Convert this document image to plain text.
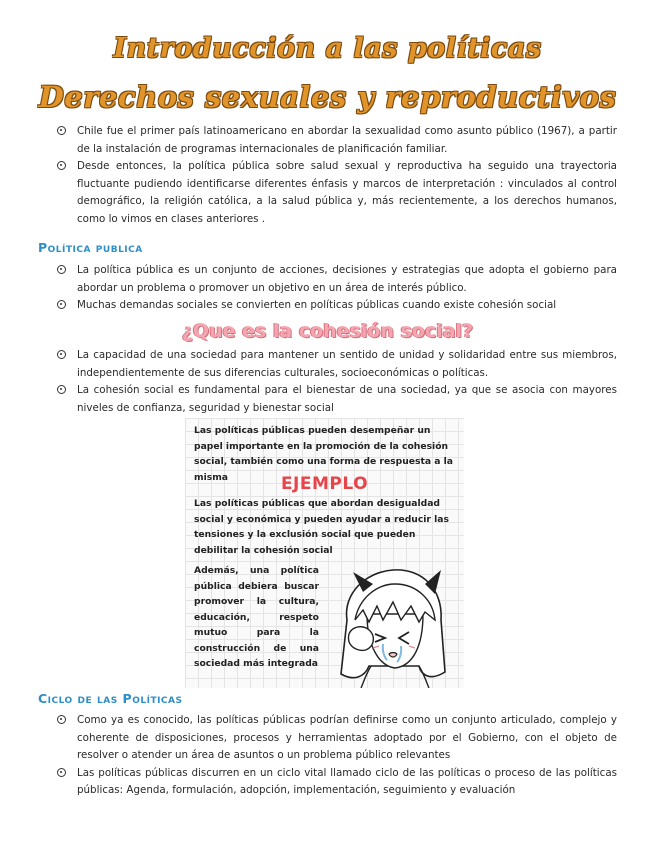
Introducción a las políticas
Derechos sexuales y reproductivos
Chile fue el primer país latinoamericano en abordar la sexualidad como asunto público (1967), a partir de la instalación de programas internacionales de planificación familiar.
Desde entonces, la política pública sobre salud sexual y reproductiva ha seguido una trayectoria fluctuante pudiendo identificarse diferentes énfasis y marcos de interpretación : vinculados al control demográfico, la religión católica, a la salud pública y, más recientemente, a los derechos humanos, como lo vimos en clases anteriores .
Política publica
La política pública es un conjunto de acciones, decisiones y estrategias que adopta el gobierno para abordar un problema o promover un objetivo en un área de interés público.
Muchas demandas sociales se convierten en políticas públicas cuando existe cohesión social
¿Que es la cohesión social?
La capacidad de una sociedad para mantener un sentido de unidad y solidaridad entre sus miembros, independientemente de sus diferencias culturales, socioeconómicas o políticas.
La cohesión social es fundamental para el bienestar de una sociedad, ya que se asocia con mayores niveles de confianza, seguridad y bienestar social
Las políticas públicas pueden desempeñar un papel importante en la promoción de la cohesión social, también como una forma de respuesta a la misma	EJEMPLO
Las políticas públicas que abordan desigualdad social y económica y pueden ayudar a reducir las tensiones y la exclusión social que pueden debilitar la cohesión social
Además, una política pública debiera buscar promover la cultura, educación, respeto mutuo para la construcción de una sociedad más integrada
Ciclo de las Políticas
Como ya es conocido, las políticas públicas podrían definirse como un conjunto articulado, complejo y coherente de disposiciones, procesos y herramientas adoptado por el Gobierno, con el objeto de resolver o atender un área de asuntos o un problema público relevantes
Las políticas públicas discurren en un ciclo vital llamado ciclo de las políticas o proceso de las políticas públicas: Agenda, formulación, adopción, implementación, seguimiento y evaluación
